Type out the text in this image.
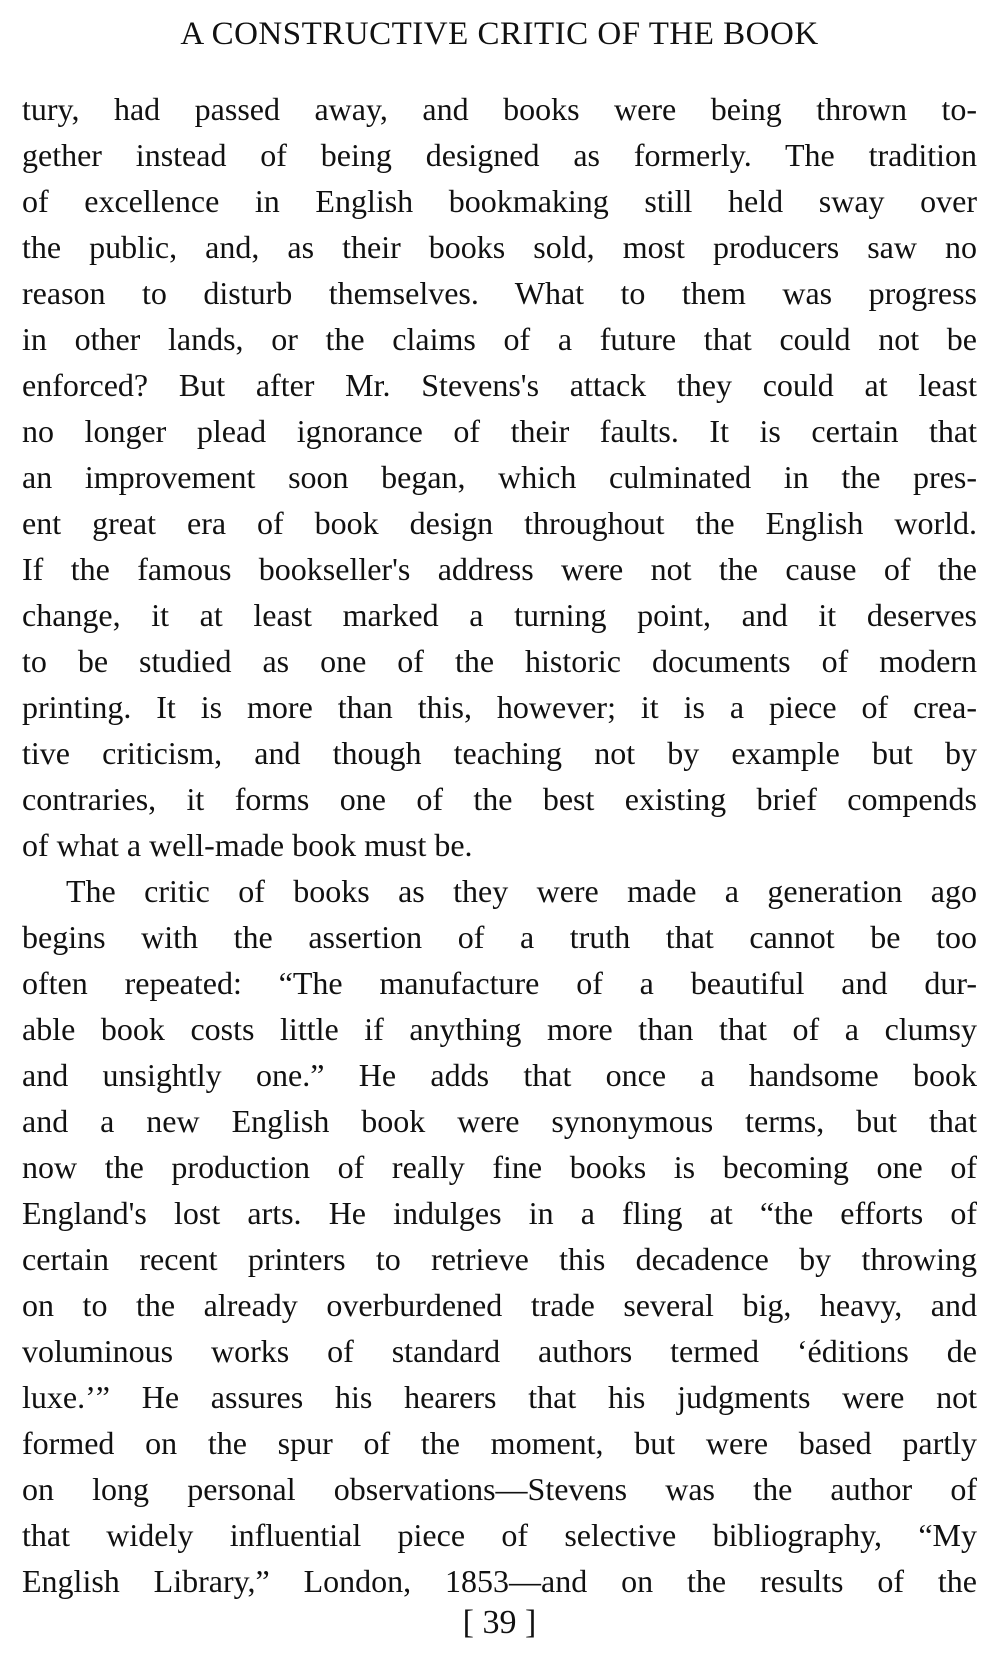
A CONSTRUCTIVE CRITIC OF THE BOOK
tury, had passed away, and books were being thrown to-
gether instead of being designed as formerly. The tradition
of excellence in English bookmaking still held sway over
the public, and, as their books sold, most producers saw no
reason to disturb themselves. What to them was progress
in other lands, or the claims of a future that could not be
enforced? But after Mr. Stevens's attack they could at least
no longer plead ignorance of their faults. It is certain that
an improvement soon began, which culminated in the pres-
ent great era of book design throughout the English world.
If the famous bookseller's address were not the cause of the
change, it at least marked a turning point, and it deserves
to be studied as one of the historic documents of modern
printing. It is more than this, however; it is a piece of crea-
tive criticism, and though teaching not by example but by
contraries, it forms one of the best existing brief compends
of what a well-made book must be.
The critic of books as they were made a generation ago
begins with the assertion of a truth that cannot be too
often repeated: “The manufacture of a beautiful and dur-
able book costs little if anything more than that of a clumsy
and unsightly one.” He adds that once a handsome book
and a new English book were synonymous terms, but that
now the production of really fine books is becoming one of
England's lost arts. He indulges in a fling at “the efforts of
certain recent printers to retrieve this decadence by throwing
on to the already overburdened trade several big, heavy, and
voluminous works of standard authors termed ‘éditions de
luxe.’” He assures his hearers that his judgments were not
formed on the spur of the moment, but were based partly
on long personal observations—Stevens was the author of
that widely influential piece of selective bibliography, “My
English Library,” London, 1853—and on the results of the
[ 39 ]
